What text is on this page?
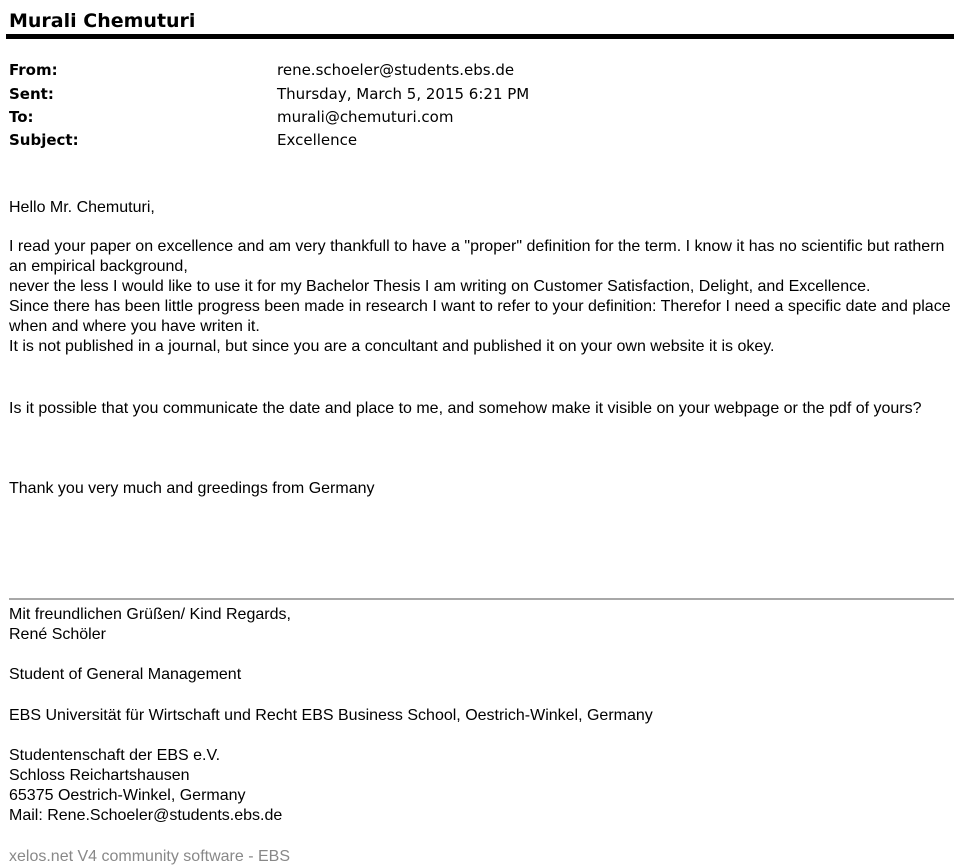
Murali Chemuturi
From:	rene.schoeler@students.ebs.de
Sent:	Thursday, March 5, 2015 6:21 PM
To:	murali@chemuturi.com
Subject:	Excellence

Hello Mr. Chemuturi,

I read your paper on excellence and am very thankfull to have a "proper" definition for the term. I know it has no scientific but rathern an empirical background,
never the less I would like to use it for my Bachelor Thesis I am writing on Customer Satisfaction, Delight, and Excellence.
Since there has been little progress been made in research I want to refer to your definition: Therefor I need a specific date and place when and where you have writen it.
It is not published in a journal, but since you are a concultant and published it on your own website it is okey.

Is it possible that you communicate the date and place to me, and somehow make it visible on your webpage or the pdf of yours?

Thank you very much and greedings from Germany

Mit freundlichen Grüßen/ Kind Regards,
René Schöler
Student of General Management
EBS Universität für Wirtschaft und Recht EBS Business School, Oestrich-Winkel, Germany
Studentenschaft der EBS e.V.
Schloss Reichartshausen
65375 Oestrich-Winkel, Germany
Mail: Rene.Schoeler@students.ebs.de
xelos.net V4 community software - EBS
